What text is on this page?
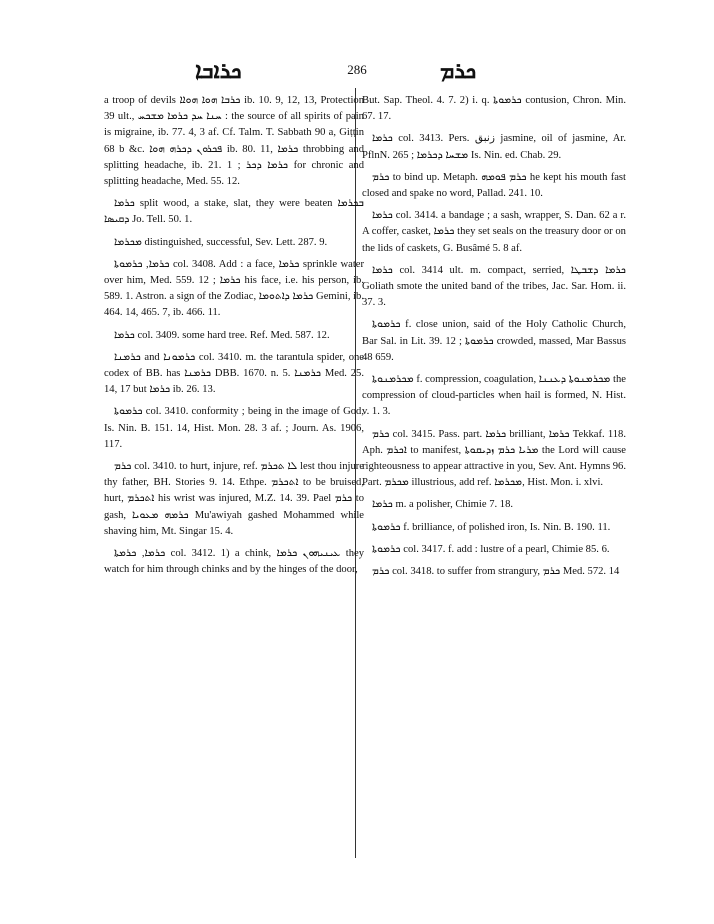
ܟܪܐܒܐ	286	ܟܪܡ

a troop of devils ܟܪܒܐ ܗܘܐ ܗܘܐܐ ib. 10. 9, 12, 13, Protection 39 ult., ܚܢܐ ܚܕ ܟܪܡܐ ܡܫܟܚ : the source of all spirits of pain is migraine, ib. 77. 4, 3 af. Cf. Talm. T. Sabbath 90 a, Giṭṭin 68 b &c. ܦܟܪܘܢ ܕܟܪܗ ܗܘܐ ib. 80. 11, ܟܪܡܐ throbbing and splitting headache, ib. 21. 1 ; ܟܪܡܐ ܕܟܪ for chronic and splitting headache, Med. 55. 12.

ܟܪܡܐ split wood, a stake, slat, they were beaten ܒܟܪܡܐ ܕܩܝܣܐ Jo. Tell. 50. 1.

ܡܟܪܡܐ distinguished, successful, Sev. Lett. 287. 9.

ܟܪܡܐ, ܟܪܡܘܬܐ col. 3408. Add : a face, ܟܪܡܐ sprinkle water over him, Med. 559. 12 ; ܟܪܡܐ his face, i.e. his person, ib. 589. 1. Astron. a sign of the Zodiac, ܟܪܡܐ ܕܐܬܘܡܐ Gemini, ib. 464. 14, 465. 7, ib. 466. 11.

ܟܪܡܐ col. 3409. some hard tree. Ref. Med. 587. 12.

ܟܪܡܢܐ and ܟܪܡܘܢܐ col. 3410. m. the tarantula spider, one codex of BB. has ܟܪܡܢܐ DBB. 1670. n. 5. ܟܪܡܢܐ Med. 25. 14, 17 but ܟܪܡܐ ib. 26. 13.

ܟܪܡܘܬܐ col. 3410. conformity ; being in the image of God, Is. Nin. B. 151. 14, Hist. Mon. 28. 3 af. ; Journ. As. 1906, 117.

ܟܪܡ col. 3410. to hurt, injure, ref. ܠܐ ܬܟܪܡ lest thou injure thy father, BH. Stories 9. 14. Ethpe. ܐܬܟܪܡ to be bruised, hurt, ܐܬܟܪܡ his wrist was injured, M.Z. 14. 39. Pael ܟܪܡ to gash, ܟܪܡܗ ܡܥܘܝܐ Mu'awiyah gashed Mohammed while shaving him, Mt. Singar 15. 4.

ܟܪܡܐ, ܟܪܡܬܐ col. 3412. 1) a chink, ܥܝܢܝܗܘܢ ܟܪܡܐ they watch for him through chinks and by the hinges of the door,

But. Sap. Theol. 4. 7. 2) i. q. ܟܪܡܘܬܐ contusion, Chron. Min. 67. 17.

ܟܪܡܐ col. 3413. Pers. زنبق jasmine, oil of jasmine, Ar. PflnN. 265 ; ܡܫܚܐ ܕܟܪܡܐ Is. Nin. ed. Chab. 29.

ܟܪܡ to bind up. Metaph. ܟܪܡ ܦܘܡܗ he kept his mouth fast closed and spake no word, Pallad. 241. 10.

ܟܪܡܐ col. 3414. a bandage ; a sash, wrapper, S. Dan. 62 a r. A coffer, casket, ܟܪܡܐ they set seals on the treasury door or on the lids of caskets, G. Busâmé 5. 8 af.

ܟܪܡܐ col. 3414 ult. m. compact, serried, ܟܪܡܐ ܕܫܒܛܐ Goliath smote the united band of the tribes, Jac. Sar. Hom. ii. 37. 3.

ܟܪܡܘܬܐ f. close union, said of the Holy Catholic Church, Bar Sal. in Lit. 39. 12 ; ܟܪܡܘܬܐ crowded, massed, Mar Bassus 48 659.

ܡܟܪܡܢܘܬܐ f. compression, coagulation, ܡܟܪܡܢܘܬܐ ܕܥܢܢܐ the compression of cloud-particles when hail is formed, N. Hist. v. 1. 3.

ܟܪܡ col. 3415. Pass. part. ܟܪܡܐ brilliant, ܟܪܡܐ Tekkaf. 118. Aph. ܐܟܪܡ to manifest, ܡܪܝܐ ܟܪܡ ܙܕܝܩܘܬܐ the Lord will cause righteousness to appear attractive in you, Sev. Ant. Hymns 96. Part. ܡܟܪܡ illustrious, add ref. ܡܟܪܡܐ, Hist. Mon. i. xlvi.

ܟܪܡܐ m. a polisher, Chimie 7. 18.

ܟܪܡܘܬܐ f. brilliance, of polished iron, Is. Nin. B. 190. 11.

ܟܪܡܘܬܐ col. 3417. f. add : lustre of a pearl, Chimie 85. 6.

ܟܪܡ col. 3418. to suffer from strangury, ܟܪܡ Med. 572. 14
